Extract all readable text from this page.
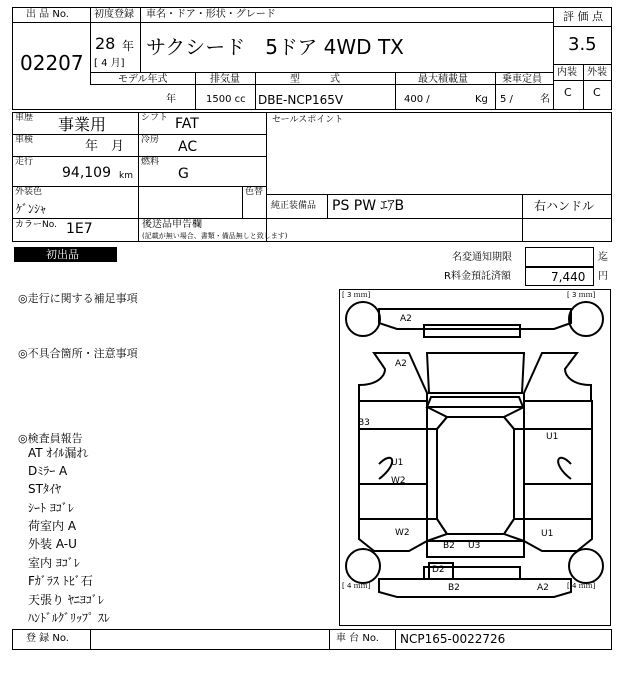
出 品 No.
02207
初度登録
28 年
[ 4 月]
車名・ドア・形状・グレード
サクシード　5ドア 4WD TX
評 価 点
3.5
内装 外装
C C
モデル年式
年
排気量
1500 cc
型　　　式
DBE-NCP165V
最大積載量
400 /	Kg
乗車定員
5 /	名
車歴 事業用	シフト FAT
車検	年　月 冷房 AC
走行
94,109 km
燃料
G
外装色
ｹﾞﾝｼｬ
色替
カラーNo. 1E7	後送品申告欄
(記載が無い場合、書類・備品無しと致します)
セールスポイント
純正装備品 PS PW ｴｱB	右ハンドル
初出品	名変通知期限	迄
R料金預託済額	7,440 円
◎走行に関する補足事項
◎不具合箇所・注意事項
◎検査員報告
AT ｵｲﾙ漏れ
Dﾐﾗｰ A
STﾀｲﾔ
ｼｰﾄ ﾖｺﾞﾚ
荷室内 A
外装 A-U
室内 ﾖｺﾞﾚ
Fｶﾞﾗｽ ﾄﾋﾞ石
天張り ﾔﾆﾖｺﾞﾚ
ﾊﾝﾄﾞﾙｸﾞﾘｯﾌﾟ ｽﾚ
[ 3 ｍｍ]	[ 3 ｍｍ]
[ 4 ｍｍ]	[ 4 ｍｍ]
A2
A2
B3
U1
U1
W2
W2
B2 U3
U1
D2
B2	A2
登 録 No.	車 台 No. NCP165-0022726
